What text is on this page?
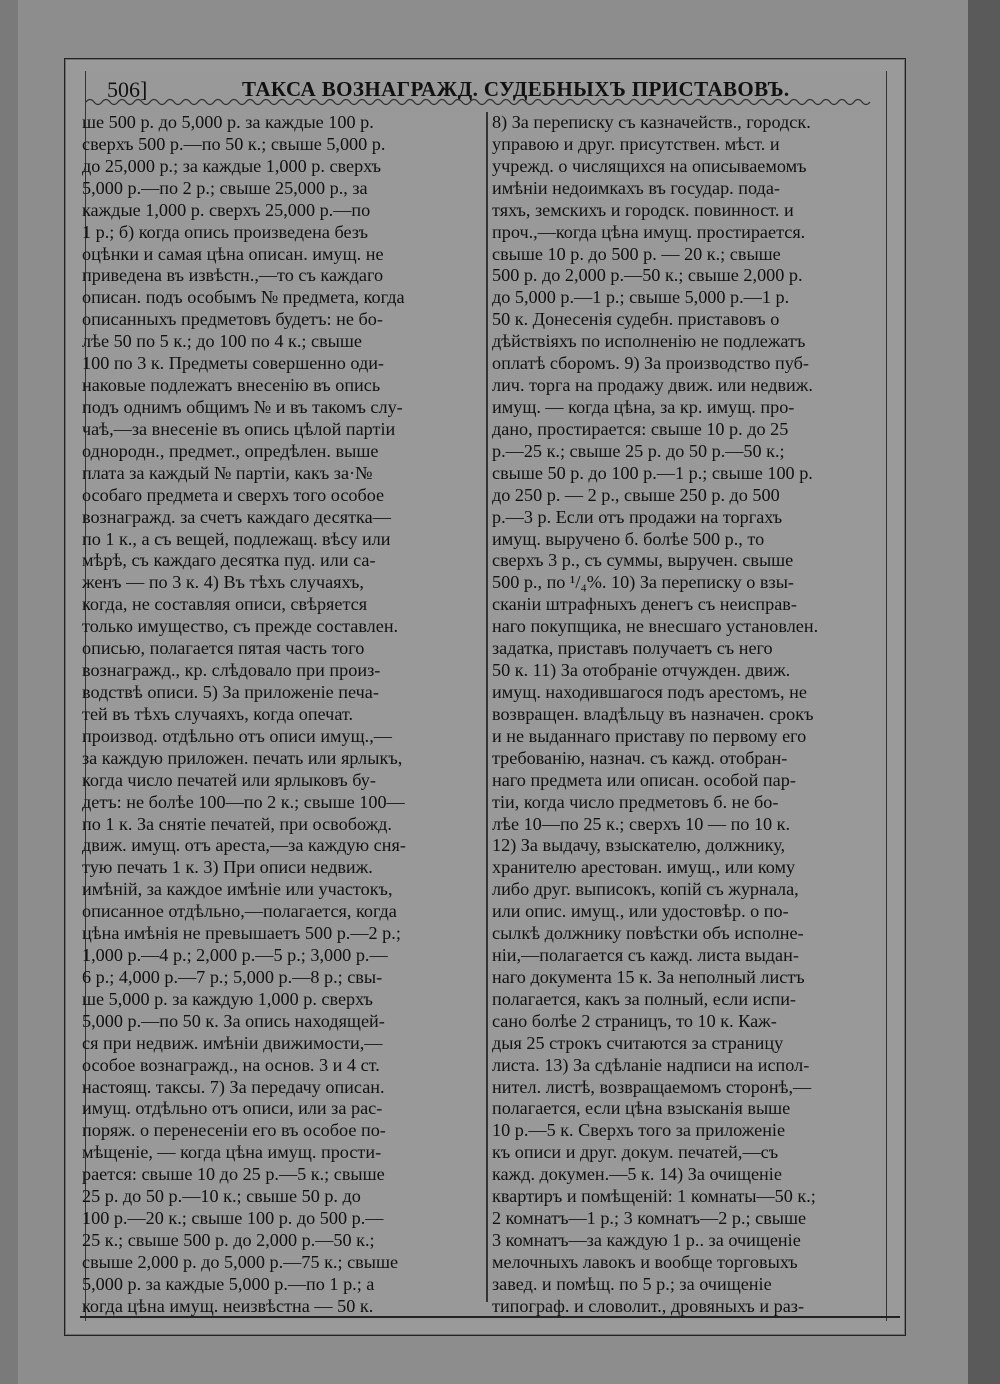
506]	ТАКСА ВОЗНАГРАЖД. СУДЕБНЫХЪ ПРИСТАВОВЪ.
ше 500 р. до 5,000 р. за каждые 100 р.
сверхъ 500 р.—по 50 к.; свыше 5,000 р.
до 25,000 р.; за каждые 1,000 р. сверхъ
5,000 р.—по 2 р.; свыше 25,000 р., за
каждые 1,000 р. сверхъ 25,000 р.—по
1 р.; б) когда опись произведена безъ
оцѣнки и самая цѣна описан. имущ. не
приведена въ извѣстн.,—то съ каждаго
описан. подъ особымъ № предмета, когда
описанныхъ предметовъ будетъ: не бо-
лѣе 50 по 5 к.; до 100 по 4 к.; свыше
100 по 3 к. Предметы совершенно оди-
наковые подлежатъ внесенію въ опись
подъ однимъ общимъ № и въ такомъ слу-
чаѣ,—за внесеніе въ опись цѣлой партіи
однородн., предмет., опредѣлен. выше
плата за каждый № партіи, какъ за·№
особаго предмета и сверхъ того особое
вознагражд. за счетъ каждаго десятка—
по 1 к., а съ вещей, подлежащ. вѣсу или
мѣрѣ, съ каждаго десятка пуд. или са-
женъ — по 3 к. 4) Въ тѣхъ случаяхъ,
когда, не составляя описи, свѣряется
только имущество, съ прежде составлен.
описью, полагается пятая часть того
вознагражд., кр. слѣдовало при произ-
водствѣ описи. 5) За приложеніе печа-
тей въ тѣхъ случаяхъ, когда опечат.
производ. отдѣльно отъ описи имущ.,—
за каждую приложен. печать или ярлыкъ,
когда число печатей или ярлыковъ бу-
детъ: не болѣе 100—по 2 к.; свыше 100—
по 1 к. За снятіе печатей, при освобожд.
движ. имущ. отъ ареста,—за каждую сня-
тую печать 1 к. 3) При описи недвиж.
имѣній, за каждое имѣніе или участокъ,
описанное отдѣльно,—полагается, когда
цѣна имѣнія не превышаетъ 500 р.—2 р.;
1,000 р.—4 р.; 2,000 р.—5 р.; 3,000 р.—
6 р.; 4,000 р.—7 р.; 5,000 р.—8 р.; свы-
ше 5,000 р. за каждую 1,000 р. сверхъ
5,000 р.—по 50 к. За опись находящей-
ся при недвиж. имѣніи движимости,—
особое вознагражд., на основ. 3 и 4 ст.
настоящ. таксы. 7) За передачу описан.
имущ. отдѣльно отъ описи, или за рас-
поряж. о перенесеніи его въ особое по-
мѣщеніе, — когда цѣна имущ. прости-
рается: свыше 10 до 25 р.—5 к.; свыше
25 р. до 50 р.—10 к.; свыше 50 р. до
100 р.—20 к.; свыше 100 р. до 500 р.—
25 к.; свыше 500 р. до 2,000 р.—50 к.;
свыше 2,000 р. до 5,000 р.—75 к.; свыше
5,000 р. за каждые 5,000 р.—по 1 р.; а
когда цѣна имущ. неизвѣстна — 50 к.
8) За переписку съ казначейств., городск.
управою и друг. присутствен. мѣст. и
учрежд. о числящихся на описываемомъ
имѣніи недоимкахъ въ государ. пода-
тяхъ, земскихъ и городск. повинност. и
проч.,—когда цѣна имущ. простирается.
свыше 10 р. до 500 р. — 20 к.; свыше
500 р. до 2,000 р.—50 к.; свыше 2,000 р.
до 5,000 р.—1 р.; свыше 5,000 р.—1 р.
50 к. Донесенія судебн. приставовъ о
дѣйствіяхъ по исполненію не подлежатъ
оплатѣ сборомъ. 9) За производство пуб-
лич. торга на продажу движ. или недвиж.
имущ. — когда цѣна, за кр. имущ. про-
дано, простирается: свыше 10 р. до 25
р.—25 к.; свыше 25 р. до 50 р.—50 к.;
свыше 50 р. до 100 р.—1 р.; свыше 100 р.
до 250 р. — 2 р., свыше 250 р. до 500
р.—3 р. Если отъ продажи на торгахъ
имущ. выручено б. болѣе 500 р., то
сверхъ 3 р., съ суммы, выручен. свыше
500 р., по ¹/₄%. 10) За переписку о взы-
сканіи штрафныхъ денегъ съ неисправ-
наго покупщика, не внесшаго установлен.
задатка, приставъ получаетъ съ него
50 к. 11) За отобраніе отчужден. движ.
имущ. находившагося подъ арестомъ, не
возвращен. владѣльцу въ назначен. срокъ
и не выданнаго приставу по первому его
требованію, назнач. съ кажд. отобран-
наго предмета или описан. особой пар-
тіи, когда число предметовъ б. не бо-
лѣе 10—по 25 к.; сверхъ 10 — по 10 к.
12) За выдачу, взыскателю, должнику,
хранителю арестован. имущ., или кому
либо друг. выписокъ, копій съ журнала,
или опис. имущ., или удостовѣр. о по-
сылкѣ должнику повѣстки объ исполне-
ніи,—полагается съ кажд. листа выдан-
наго документа 15 к. За неполный листъ
полагается, какъ за полный, если испи-
сано болѣе 2 страницъ, то 10 к. Каж-
дыя 25 строкъ считаются за страницу
листа. 13) За сдѣланіе надписи на испол-
нител. листѣ, возвращаемомъ сторонѣ,—
полагается, если цѣна взысканія выше
10 р.—5 к. Сверхъ того за приложеніе
къ описи и друг. докум. печатей,—съ
кажд. докумен.—5 к. 14) За очищеніе
квартиръ и помѣщеній: 1 комнаты—50 к.;
2 комнатъ—1 р.; 3 комнатъ—2 р.; свыше
3 комнатъ—за каждую 1 р.. за очищеніе
мелочныхъ лавокъ и вообще торговыхъ
завед. и помѣщ. по 5 р.; за очищеніе
типограф. и словолит., дровяныхъ и раз-
